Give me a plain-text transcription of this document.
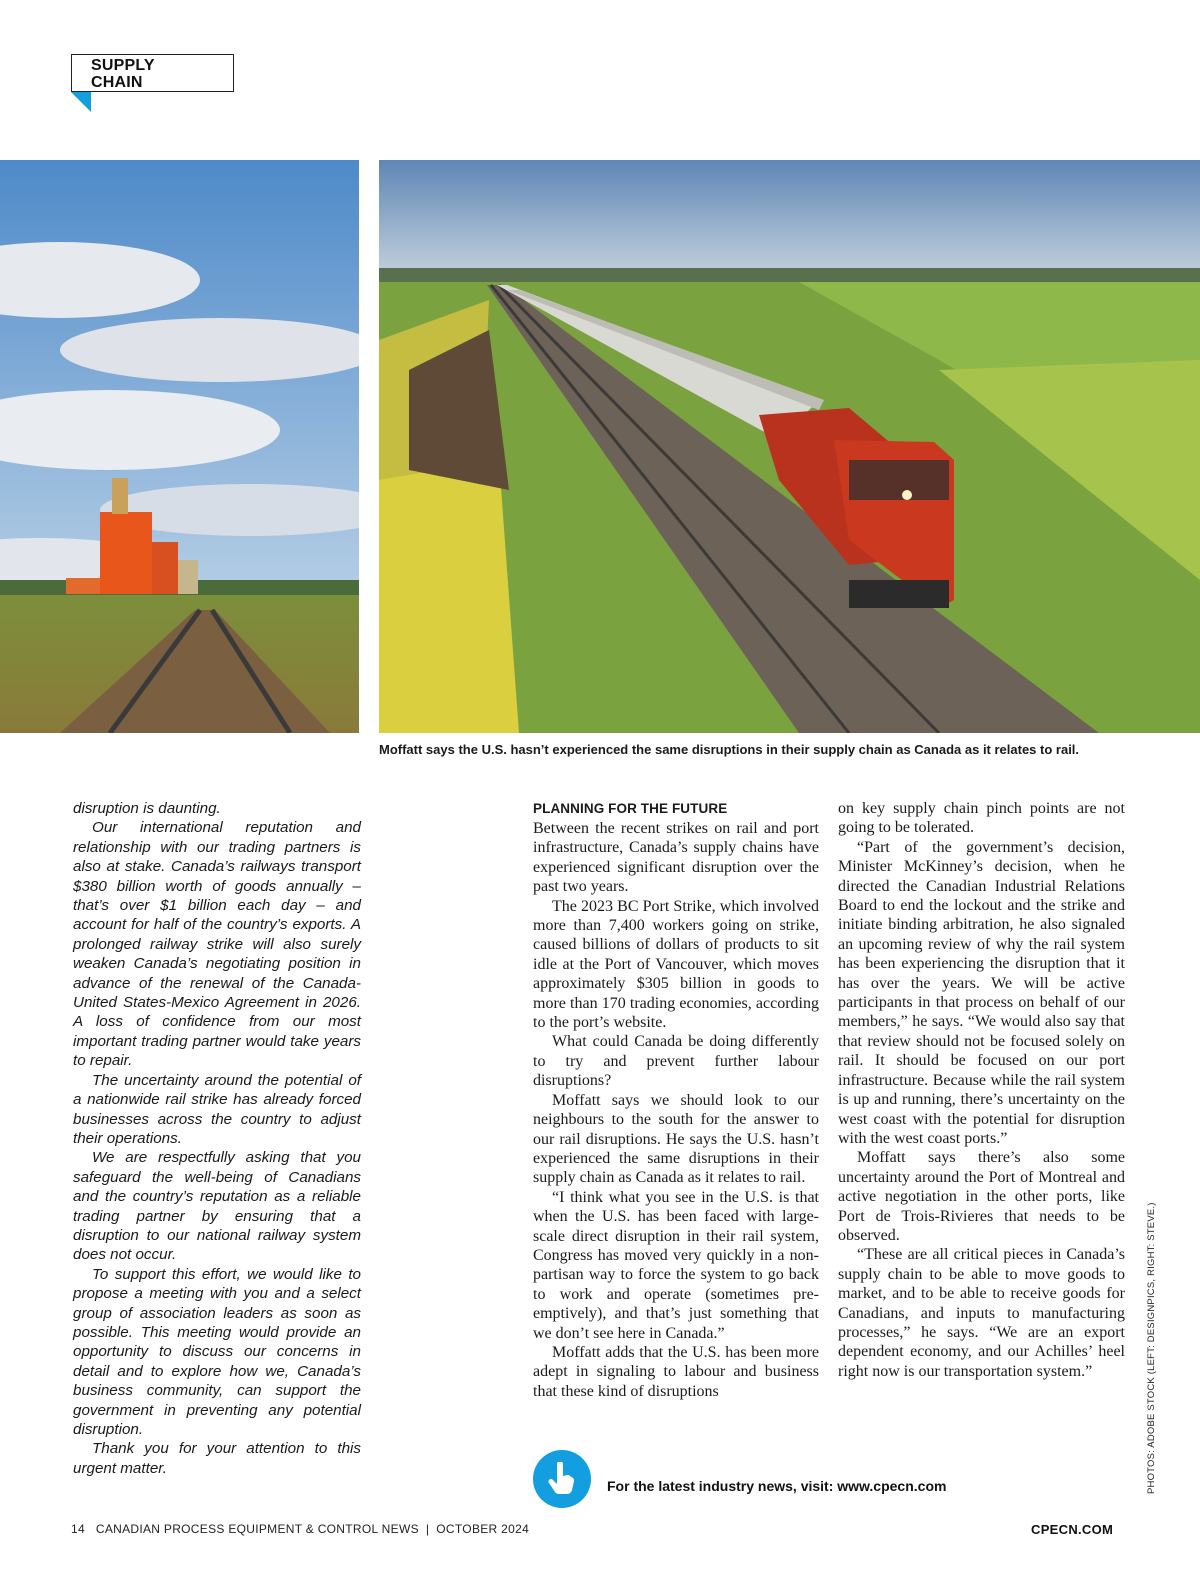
SUPPLY
CHAIN
Moffatt says the U.S. hasn’t experienced the same disruptions in their supply chain as Canada as it relates to rail.

disruption is daunting.

Our international reputation and relationship with our trading partners is also at stake. Canada’s railways transport $380 billion worth of goods annually – that’s over $1 billion each day – and account for half of the country’s exports. A prolonged railway strike will also surely weaken Canada’s negotiating position in advance of the renewal of the Canada-United States-Mexico Agreement in 2026. A loss of confidence from our most important trading partner would take years to repair.

The uncertainty around the potential of a nationwide rail strike has already forced businesses across the country to adjust their operations.

We are respectfully asking that you safeguard the well-being of Canadians and the country’s reputation as a reliable trading partner by ensuring that a disruption to our national railway system does not occur.

To support this effort, we would like to propose a meeting with you and a select group of association leaders as soon as possible. This meeting would provide an opportunity to discuss our concerns in detail and to explore how we, Canada’s business community, can support the government in preventing any potential disruption.

Thank you for your attention to this urgent matter.

PLANNING FOR THE FUTURE

Between the recent strikes on rail and port infrastructure, Canada’s supply chains have experienced significant disruption over the past two years.

The 2023 BC Port Strike, which involved more than 7,400 workers going on strike, caused billions of dollars of products to sit idle at the Port of Vancouver, which moves approximately $305 billion in goods to more than 170 trading economies, according to the port’s website.

What could Canada be doing differently to try and prevent further labour disruptions?

Moffatt says we should look to our neighbours to the south for the answer to our rail disruptions. He says the U.S. hasn’t experienced the same disruptions in their supply chain as Canada as it relates to rail.

“I think what you see in the U.S. is that when the U.S. has been faced with large-scale direct disruption in their rail system, Congress has moved very quickly in a non-partisan way to force the system to go back to work and operate (sometimes pre-emptively), and that’s just something that we don’t see here in Canada.”

Moffatt adds that the U.S. has been more adept in signaling to labour and business that these kind of disruptions

on key supply chain pinch points are not going to be tolerated.

“Part of the government’s decision, Minister McKinney’s decision, when he directed the Canadian Industrial Relations Board to end the lockout and the strike and initiate binding arbitration, he also signaled an upcoming review of why the rail system has been experiencing the disruption that it has over the years. We will be active participants in that process on behalf of our members,” he says. “We would also say that that review should not be focused solely on rail. It should be focused on our port infrastructure. Because while the rail system is up and running, there’s uncertainty on the west coast with the potential for disruption with the west coast ports.”

Moffatt says there’s also some uncertainty around the Port of Montreal and active negotiation in the other ports, like Port de Trois-Rivieres that needs to be observed.

“These are all critical pieces in Canada’s supply chain to be able to move goods to market, and to be able to receive goods for Canadians, and inputs to manufacturing processes,” he says. “We are an export dependent economy, and our Achilles’ heel right now is our transportation system.”

For the latest industry news, visit: www.cpecn.com	PHOTOS: ADOBE STOCK (LEFT: DESIGNPICS, RIGHT: STEVE.)
14 CANADIAN PROCESS EQUIPMENT & CONTROL NEWS | OCTOBER 2024	CPECN.COM
